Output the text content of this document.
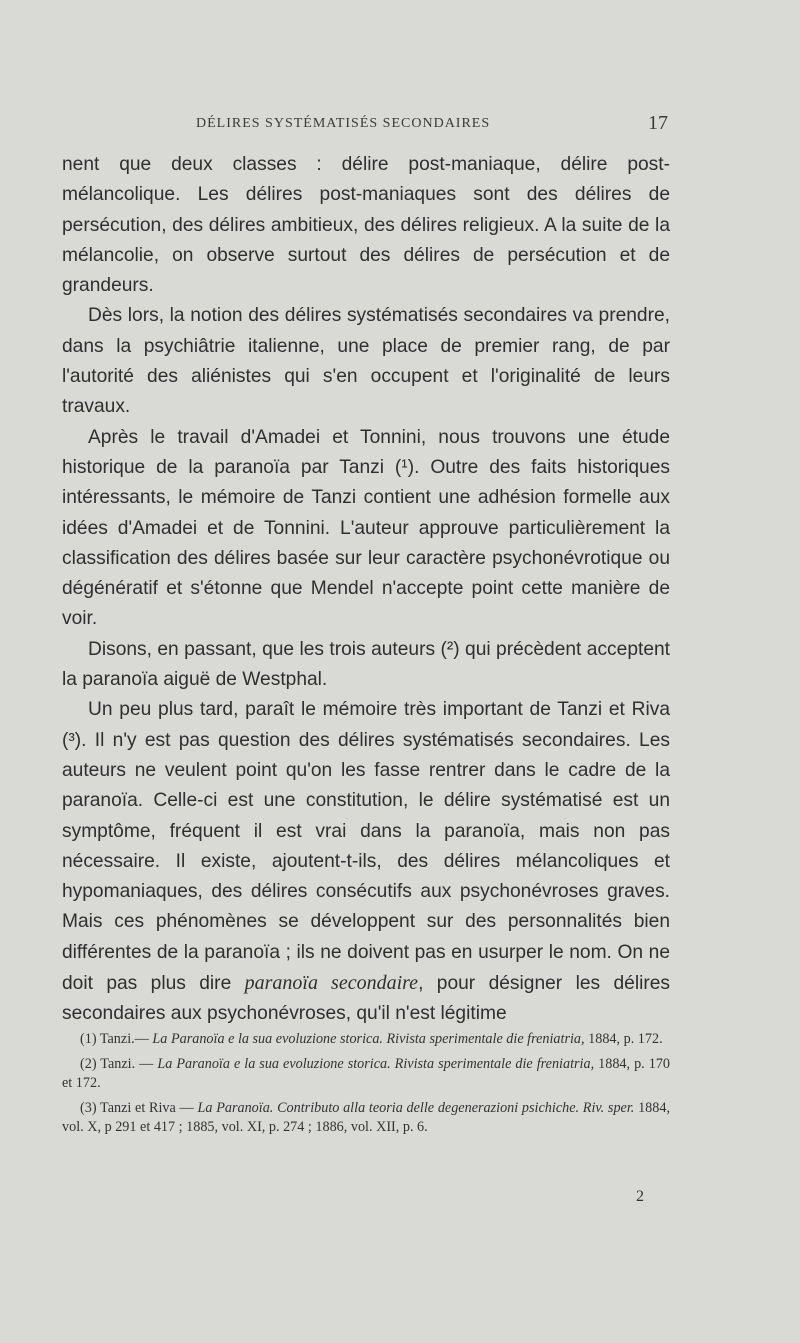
DÉLIRES SYSTÉMATISÉS SECONDAIRES	17

nent que deux classes : délire post-maniaque, délire post-mélancolique. Les délires post-maniaques sont des délires de persécution, des délires ambitieux, des délires religieux. A la suite de la mélancolie, on observe surtout des délires de persécution et de grandeurs.

Dès lors, la notion des délires systématisés secondaires va prendre, dans la psychiâtrie italienne, une place de premier rang, de par l'autorité des aliénistes qui s'en occupent et l'originalité de leurs travaux.

Après le travail d'Amadei et Tonnini, nous trouvons une étude historique de la paranoïa par Tanzi (¹). Outre des faits historiques intéressants, le mémoire de Tanzi contient une adhésion formelle aux idées d'Amadei et de Tonnini. L'auteur approuve particulièrement la classification des délires basée sur leur caractère psychonévrotique ou dégénératif et s'étonne que Mendel n'accepte point cette manière de voir.

Disons, en passant, que les trois auteurs (²) qui précèdent acceptent la paranoïa aiguë de Westphal.

Un peu plus tard, paraît le mémoire très important de Tanzi et Riva (³). Il n'y est pas question des délires systématisés secondaires. Les auteurs ne veulent point qu'on les fasse rentrer dans le cadre de la paranoïa. Celle-ci est une constitution, le délire systématisé est un symptôme, fréquent il est vrai dans la paranoïa, mais non pas nécessaire. Il existe, ajoutent-t-ils, des délires mélancoliques et hypomaniaques, des délires consécutifs aux psychonévroses graves. Mais ces phénomènes se développent sur des personnalités bien différentes de la paranoïa ; ils ne doivent pas en usurper le nom. On ne doit pas plus dire paranoïa secondaire, pour désigner les délires secondaires aux psychonévroses, qu'il n'est légitime

(1) Tanzi.— La Paranoïa e la sua evoluzione storica. Rivista sperimentale die freniatria, 1884, p. 172.

(2) Tanzi. — La Paranoïa e la sua evoluzione storica. Rivista sperimentale die freniatria, 1884, p. 170 et 172.

(3) Tanzi et Riva — La Paranoïa. Contributo alla teoria delle degenerazioni psichiche. Riv. sper. 1884, vol. X, p 291 et 417 ; 1885, vol. XI, p. 274 ; 1886, vol. XII, p. 6.

2
